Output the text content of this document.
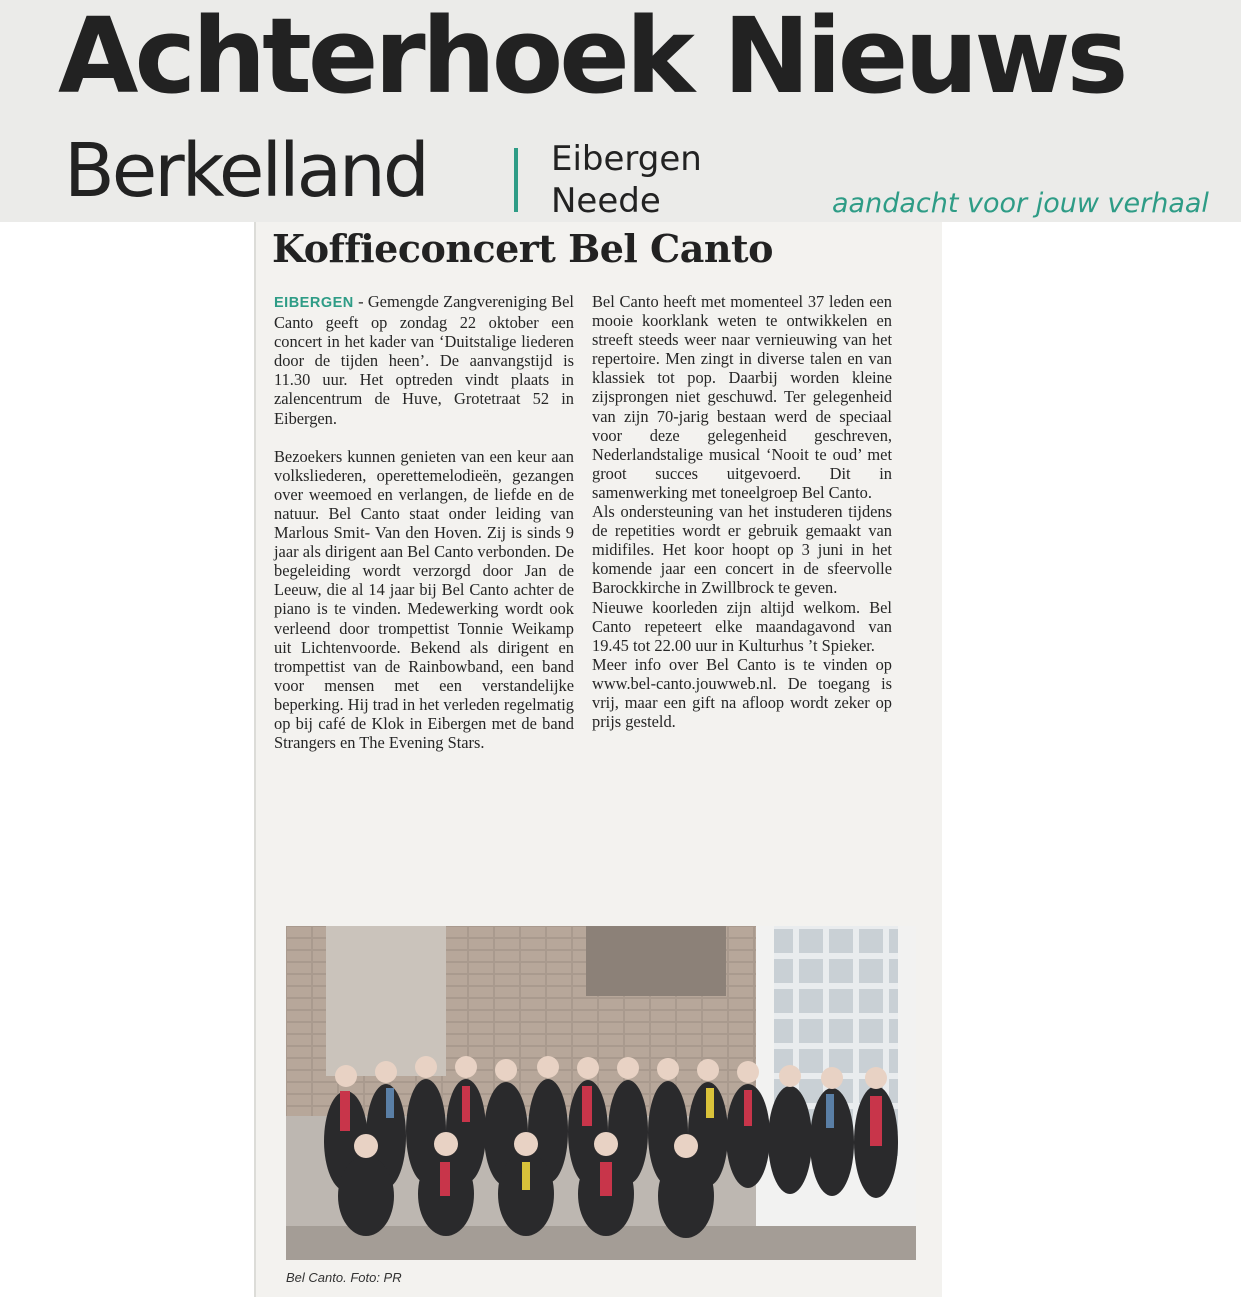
Achterhoek Nieuws
Berkelland	Eibergen
Neede	aandacht voor jouw verhaal
Koffieconcert Bel Canto

EIBERGEN - Gemengde Zangvereniging Bel Canto geeft op zondag 22 oktober een concert in het kader van ‘Duitstalige liederen door de tijden heen’. De aanvangstijd is 11.30 uur. Het optreden vindt plaats in zalencentrum de Huve, Grotetraat 52 in Eibergen.

Bezoekers kunnen genieten van een keur aan volksliederen, operettemelodieën, gezangen over weemoed en verlangen, de liefde en de natuur. Bel Canto staat onder leiding van Marlous Smit- Van den Hoven. Zij is sinds 9 jaar als dirigent aan Bel Canto verbonden. De begeleiding wordt verzorgd door Jan de Leeuw, die al 14 jaar bij Bel Canto achter de piano is te vinden. Medewerking wordt ook verleend door trompettist Tonnie Weikamp uit Lichtenvoorde. Bekend als dirigent en trompettist van de Rainbowband, een band voor mensen met een verstandelijke beperking. Hij trad in het verleden regelmatig op bij café de Klok in Eibergen met de band Strangers en The Evening Stars.

Bel Canto heeft met momenteel 37 leden een mooie koorklank weten te ontwikkelen en streeft steeds weer naar vernieuwing van het repertoire. Men zingt in diverse talen en van klassiek tot pop. Daarbij worden kleine zijsprongen niet geschuwd. Ter gelegenheid van zijn 70-jarig bestaan werd de speciaal voor deze gelegenheid geschreven, Nederlandstalige musical ‘Nooit te oud’ met groot succes uitgevoerd. Dit in samenwerking met toneelgroep Bel Canto.

Als ondersteuning van het instuderen tijdens de repetities wordt er gebruik gemaakt van midifiles. Het koor hoopt op 3 juni in het komende jaar een concert in de sfeervolle Barockkirche in Zwillbrock te geven.

Nieuwe koorleden zijn altijd welkom. Bel Canto repeteert elke maandagavond van 19.45 tot 22.00 uur in Kulturhus ’t Spieker.

Meer info over Bel Canto is te vinden op www.bel-canto.jouwweb.nl. De toegang is vrij, maar een gift na afloop wordt zeker op prijs gesteld.

Bel Canto. Foto: PR
